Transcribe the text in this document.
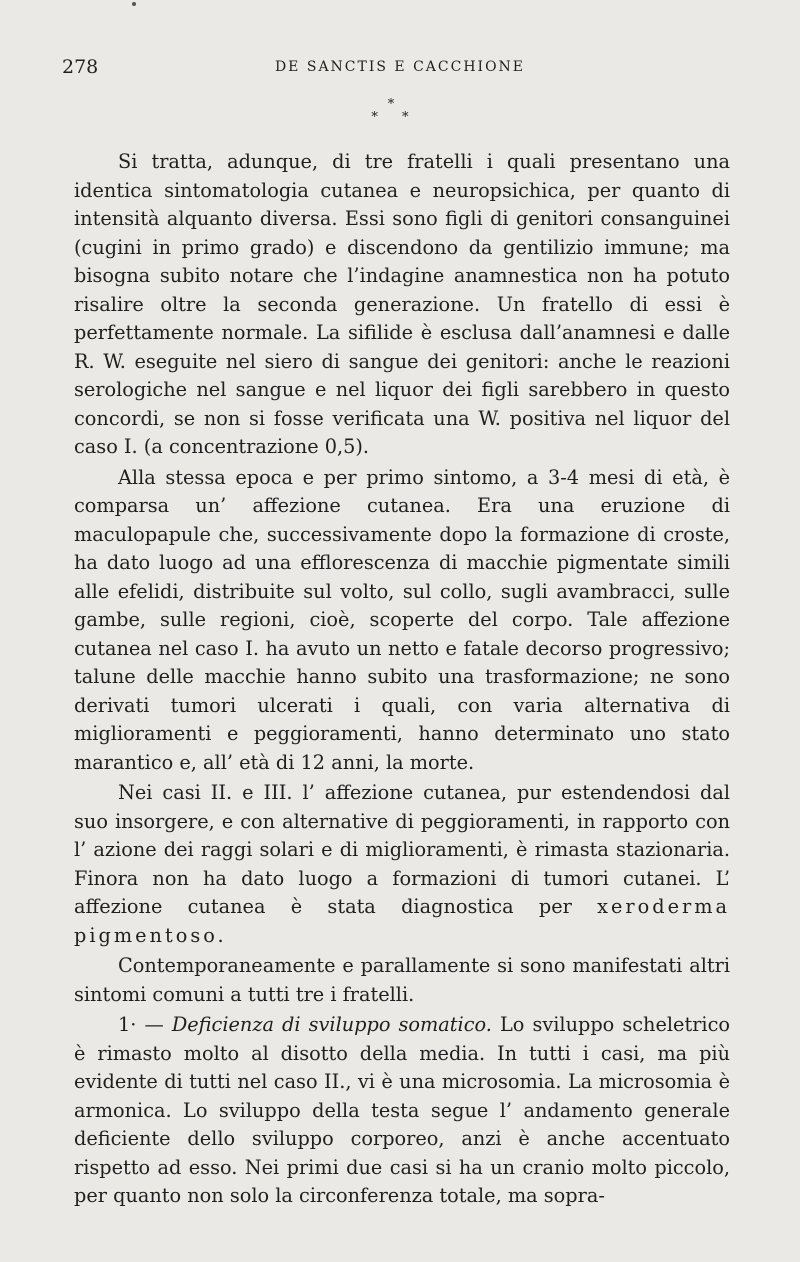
278	DE SANCTIS E CACCHIONE
*
* *

Si tratta, adunque, di tre fratelli i quali presentano una identica sintomatologia cutanea e neuropsichica, per quanto di intensità alquanto diversa. Essi sono figli di genitori consanguinei (cugini in primo grado) e discendono da gentilizio immune; ma bisogna subito notare che l’indagine anamnestica non ha potuto risalire oltre la seconda generazione. Un fratello di essi è perfettamente normale. La sifilide è esclusa dall’anamnesi e dalle R. W. eseguite nel siero di sangue dei genitori: anche le reazioni serologiche nel sangue e nel liquor dei figli sarebbero in questo concordi, se non si fosse verificata una W. positiva nel liquor del caso I. (a concentrazione 0,5).

Alla stessa epoca e per primo sintomo, a 3-4 mesi di età, è comparsa un’ affezione cutanea. Era una eruzione di maculopapule che, successivamente dopo la formazione di croste, ha dato luogo ad una efflorescenza di macchie pigmentate simili alle efelidi, distribuite sul volto, sul collo, sugli avambracci, sulle gambe, sulle regioni, cioè, scoperte del corpo. Tale affezione cutanea nel caso I. ha avuto un netto e fatale decorso progressivo; talune delle macchie hanno subito una trasformazione; ne sono derivati tumori ulcerati i quali, con varia alternativa di miglioramenti e peggioramenti, hanno determinato uno stato marantico e, all’ età di 12 anni, la morte.

Nei casi II. e III. l’ affezione cutanea, pur estendendosi dal suo insorgere, e con alternative di peggioramenti, in rapporto con l’ azione dei raggi solari e di miglioramenti, è rimasta stazionaria. Finora non ha dato luogo a formazioni di tumori cutanei. L’ affezione cutanea è stata diagnostica per xeroderma pigmentoso.

Contemporaneamente e parallamente si sono manifestati altri sintomi comuni a tutti tre i fratelli.

1· — Deficienza di sviluppo somatico. Lo sviluppo scheletrico è rimasto molto al disotto della media. In tutti i casi, ma più evidente di tutti nel caso II., vi è una microsomia. La microsomia è armonica. Lo sviluppo della testa segue l’ andamento generale deficiente dello sviluppo corporeo, anzi è anche accentuato rispetto ad esso. Nei primi due casi si ha un cranio molto piccolo, per quanto non solo la circonferenza totale, ma sopra-
